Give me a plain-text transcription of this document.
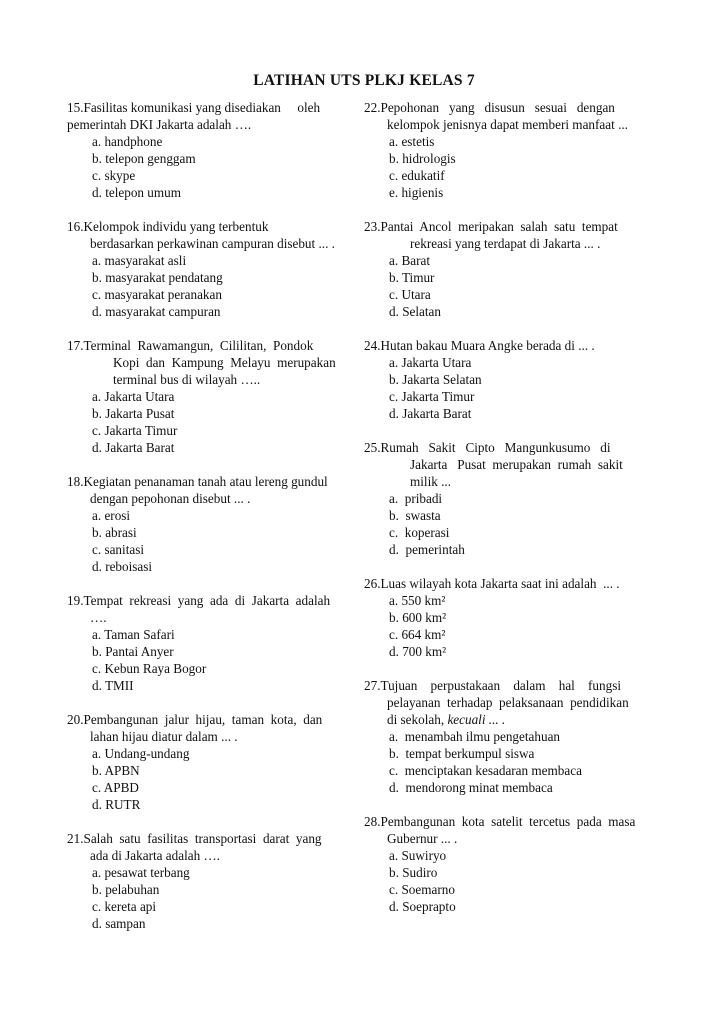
LATIHAN UTS PLKJ KELAS 7
15.Fasilitas komunikasi yang disediakan     oleh
pemerintah DKI Jakarta adalah ….
a. handphone
b. telepon genggam
c. skype
d. telepon umum
16.Kelompok individu yang terbentuk
berdasarkan perkawinan campuran disebut ... .
a. masyarakat asli
b. masyarakat pendatang
c. masyarakat peranakan
d. masyarakat campuran
17.Terminal  Rawamangun,  Cililitan,  Pondok
Kopi  dan  Kampung  Melayu  merupakan
terminal bus di wilayah …..
a. Jakarta Utara
b. Jakarta Pusat
c. Jakarta Timur
d. Jakarta Barat
18.Kegiatan penanaman tanah atau lereng gundul
dengan pepohonan disebut ... .
a. erosi
b. abrasi
c. sanitasi
d. reboisasi
19.Tempat  rekreasi  yang  ada  di  Jakarta  adalah
….
a. Taman Safari
b. Pantai Anyer
c. Kebun Raya Bogor
d. TMII
20.Pembangunan  jalur  hijau,  taman  kota,  dan
lahan hijau diatur dalam ... .
a. Undang-undang
b. APBN
c. APBD
d. RUTR
21.Salah  satu  fasilitas  transportasi  darat  yang
ada di Jakarta adalah ….
a. pesawat terbang
b. pelabuhan
c. kereta api
d. sampan
22.Pepohonan   yang   disusun   sesuai   dengan
kelompok jenisnya dapat memberi manfaat ...
a. estetis
b. hidrologis
c. edukatif
e. higienis
23.Pantai  Ancol  meripakan  salah  satu  tempat
rekreasi yang terdapat di Jakarta ... .
a. Barat
b. Timur
c. Utara
d. Selatan
24.Hutan bakau Muara Angke berada di ... .
a. Jakarta Utara
b. Jakarta Selatan
c. Jakarta Timur
d. Jakarta Barat
25.Rumah   Sakit   Cipto   Mangunkusumo   di
Jakarta   Pusat  merupakan  rumah  sakit
milik ...
a.  pribadi
b.  swasta
c.  koperasi
d.  pemerintah
26.Luas wilayah kota Jakarta saat ini adalah  ... .
a. 550 km²
b. 600 km²
c. 664 km²
d. 700 km²
27.Tujuan    perpustakaan    dalam    hal    fungsi
pelayanan  terhadap  pelaksanaan  pendidikan
di sekolah, kecuali ... .
a.  menambah ilmu pengetahuan
b.  tempat berkumpul siswa
c.  menciptakan kesadaran membaca
d.  mendorong minat membaca
28.Pembangunan  kota  satelit  tercetus  pada  masa
Gubernur ... .
a. Suwiryo
b. Sudiro
c. Soemarno
d. Soeprapto
